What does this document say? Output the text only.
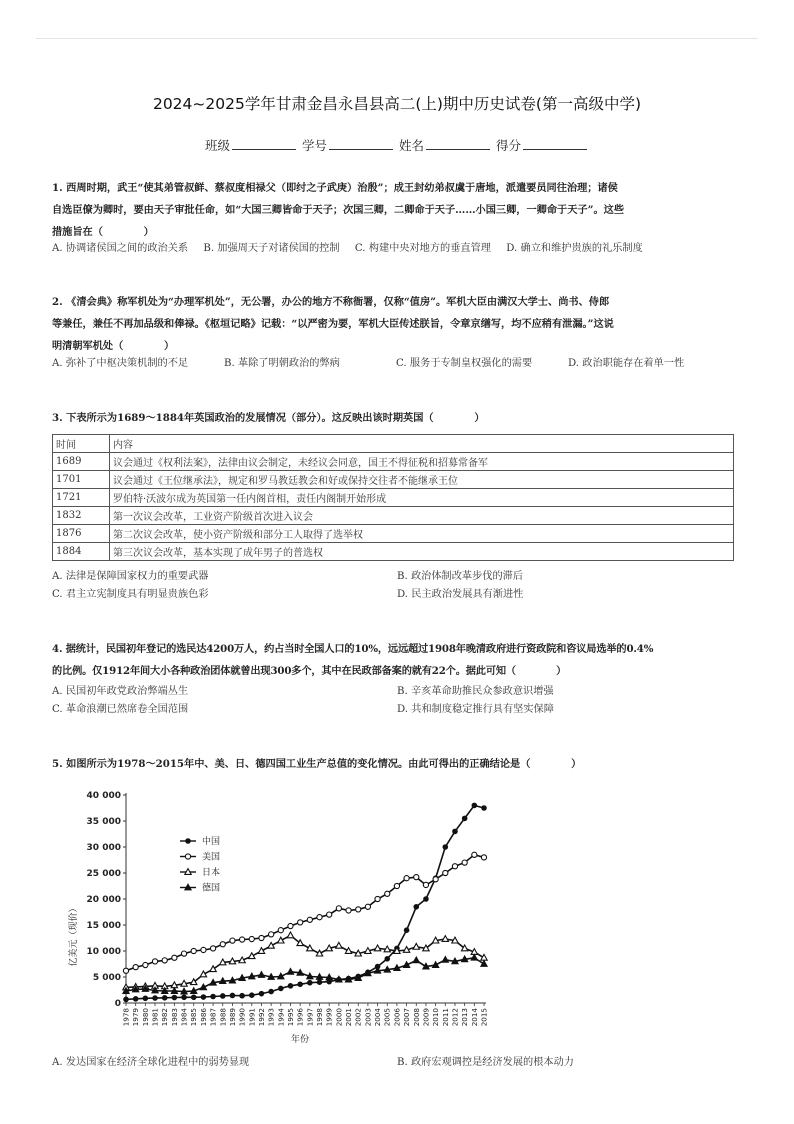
2024~2025学年甘肃金昌永昌县高二(上)期中历史试卷(第一高级中学)
班级	学号	姓名	得分
1. 西周时期，武王“使其弟管叔鲜、蔡叔度相禄父（即纣之子武庚）治殷”；成王封幼弟叔虞于唐地，派遣要员同往治理；诸侯
自选臣僚为卿时，要由天子审批任命，如“大国三卿皆命于天子；次国三卿，二卿命于天子……小国三卿，一卿命于天子”。这些
措施旨在（　　　　）
A. 协调诸侯国之间的政治关系 B. 加强周天子对诸侯国的控制 C. 构建中央对地方的垂直管理 D. 确立和维护贵族的礼乐制度
2. 《清会典》称军机处为“办理军机处”，无公署，办公的地方不称衙署，仅称“值房”。军机大臣由满汉大学士、尚书、侍郎
等兼任，兼任不再加品级和俸禄。《枢垣记略》记载：“以严密为要，军机大臣传述朕旨，令章京缮写，均不应稍有泄漏。”这说
明清朝军机处（　　　　）
A. 弥补了中枢决策机制的不足	B. 革除了明朝政治的弊病	C. 服务于专制皇权强化的需要	D. 政治职能存在着单一性
3. 下表所示为1689～1884年英国政治的发展情况（部分）。这反映出该时期英国（　　　　）
时间	内容
1689	议会通过《权利法案》，法律由议会制定，未经议会同意，国王不得征税和招募常备军
1701	议会通过《王位继承法》，规定和罗马教廷教会和好或保持交往者不能继承王位
1721	罗伯特·沃波尔成为英国第一任内阁首相，责任内阁制开始形成
1832	第一次议会改革，工业资产阶级首次进入议会
1876	第二次议会改革，使小资产阶级和部分工人取得了选举权
1884	第三次议会改革，基本实现了成年男子的普选权
A. 法律是保障国家权力的重要武器	B. 政治体制改革步伐的滞后
C. 君主立宪制度具有明显贵族色彩	D. 民主政治发展具有渐进性
4. 据统计，民国初年登记的选民达4200万人，约占当时全国人口的10%，远远超过1908年晚清政府进行资政院和咨议局选举的0.4%
的比例。仅1912年间大小各种政治团体就曾出现300多个，其中在民政部备案的就有22个。据此可知（　　　　）
A. 民国初年政党政治弊端丛生	B. 辛亥革命助推民众参政意识增强
C. 革命浪潮已然席卷全国范围	D. 共和制度稳定推行具有坚实保障
5. 如图所示为1978～2015年中、美、日、德四国工业生产总值的变化情况。由此可得出的正确结论是（　　　　）
0
5 000
10 000
15 000
20 000
25 000
30 000
35 000
40 000
1978 1979 1980 1981 1982 1983 1984 1985 1986 1987 1988 1989 1990 1991 1992 1993 1994 1995 1996 1997 1998 1999 2000 2001 2002 2003 2004 2005 2006 2007 2008 2009 2010 2011 2012 2013 2014 2015
中国
美国
日本
德国
亿美元（现价）
年份
A. 发达国家在经济全球化进程中的弱势显现	B. 政府宏观调控是经济发展的根本动力
